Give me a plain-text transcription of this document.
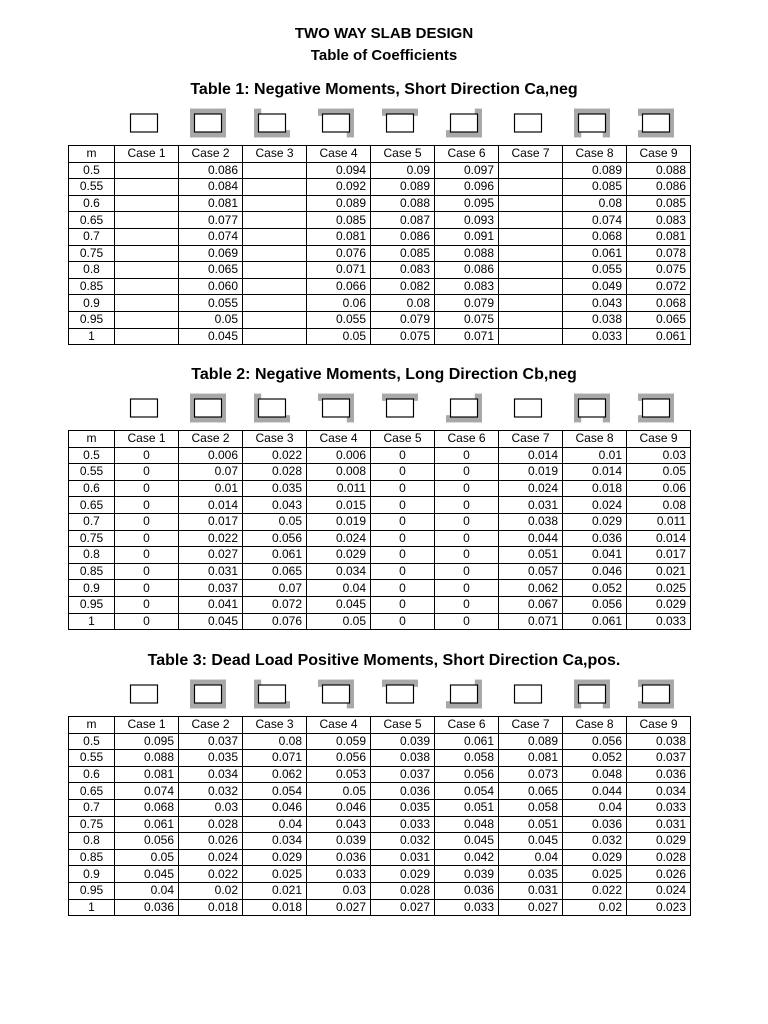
TWO WAY SLAB DESIGN
Table of Coefficients
Table 1: Negative Moments, Short Direction Ca,neg
m	Case 1	Case 2	Case 3	Case 4	Case 5	Case 6	Case 7	Case 8	Case 9
0.5		0.086		0.094	0.09	0.097		0.089	0.088
0.55		0.084		0.092	0.089	0.096		0.085	0.086
0.6		0.081		0.089	0.088	0.095		0.08	0.085
0.65		0.077		0.085	0.087	0.093		0.074	0.083
0.7		0.074		0.081	0.086	0.091		0.068	0.081
0.75		0.069		0.076	0.085	0.088		0.061	0.078
0.8		0.065		0.071	0.083	0.086		0.055	0.075
0.85		0.060		0.066	0.082	0.083		0.049	0.072
0.9		0.055		0.06	0.08	0.079		0.043	0.068
0.95		0.05		0.055	0.079	0.075		0.038	0.065
1		0.045		0.05	0.075	0.071		0.033	0.061
Table 2: Negative Moments, Long Direction Cb,neg
m	Case 1	Case 2	Case 3	Case 4	Case 5	Case 6	Case 7	Case 8	Case 9
0.5	0	0.006	0.022	0.006	0	0	0.014	0.01	0.03
0.55	0	0.07	0.028	0.008	0	0	0.019	0.014	0.05
0.6	0	0.01	0.035	0.011	0	0	0.024	0.018	0.06
0.65	0	0.014	0.043	0.015	0	0	0.031	0.024	0.08
0.7	0	0.017	0.05	0.019	0	0	0.038	0.029	0.011
0.75	0	0.022	0.056	0.024	0	0	0.044	0.036	0.014
0.8	0	0.027	0.061	0.029	0	0	0.051	0.041	0.017
0.85	0	0.031	0.065	0.034	0	0	0.057	0.046	0.021
0.9	0	0.037	0.07	0.04	0	0	0.062	0.052	0.025
0.95	0	0.041	0.072	0.045	0	0	0.067	0.056	0.029
1	0	0.045	0.076	0.05	0	0	0.071	0.061	0.033
Table 3: Dead Load Positive Moments, Short Direction Ca,pos.
m	Case 1	Case 2	Case 3	Case 4	Case 5	Case 6	Case 7	Case 8	Case 9
0.5	0.095	0.037	0.08	0.059	0.039	0.061	0.089	0.056	0.038
0.55	0.088	0.035	0.071	0.056	0.038	0.058	0.081	0.052	0.037
0.6	0.081	0.034	0.062	0.053	0.037	0.056	0.073	0.048	0.036
0.65	0.074	0.032	0.054	0.05	0.036	0.054	0.065	0.044	0.034
0.7	0.068	0.03	0.046	0.046	0.035	0.051	0.058	0.04	0.033
0.75	0.061	0.028	0.04	0.043	0.033	0.048	0.051	0.036	0.031
0.8	0.056	0.026	0.034	0.039	0.032	0.045	0.045	0.032	0.029
0.85	0.05	0.024	0.029	0.036	0.031	0.042	0.04	0.029	0.028
0.9	0.045	0.022	0.025	0.033	0.029	0.039	0.035	0.025	0.026
0.95	0.04	0.02	0.021	0.03	0.028	0.036	0.031	0.022	0.024
1	0.036	0.018	0.018	0.027	0.027	0.033	0.027	0.02	0.023
